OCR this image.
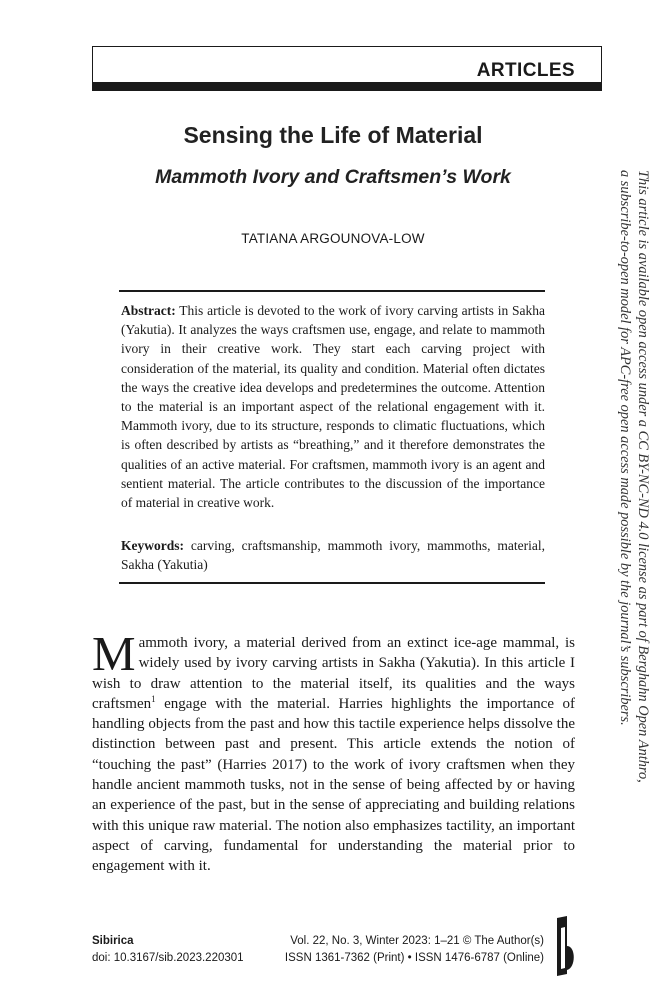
ARTICLES
Sensing the Life of Material
Mammoth Ivory and Craftsmen’s Work
TATIANA ARGOUNOVA-LOW
Abstract: This article is devoted to the work of ivory carving artists in Sakha (Yakutia). It analyzes the ways craftsmen use, engage, and relate to mammoth ivory in their creative work. They start each carving project with consideration of the material, its quality and condition. Material often dictates the ways the creative idea develops and predetermines the outcome. Attention to the material is an important aspect of the relational engagement with it. Mammoth ivory, due to its structure, responds to climatic fluctuations, which is often described by artists as “breathing,” and it therefore demonstrates the qualities of an active material. For craftsmen, mammoth ivory is an agent and sentient material. The article contributes to the discussion of the importance of material in creative work.
Keywords: carving, craftsmanship, mammoth ivory, mammoths, material, Sakha (Yakutia)
Mammoth ivory, a material derived from an extinct ice-age mammal, is widely used by ivory carving artists in Sakha (Yakutia). In this article I wish to draw attention to the material itself, its qualities and the ways craftsmen$^1$ engage with the material. Harries highlights the importance of handling objects from the past and how this tactile experience helps dissolve the distinction between past and present. This article extends the notion of “touching the past” (Harries 2017) to the work of ivory craftsmen when they handle ancient mammoth tusks, not in the sense of being affected by or having an experience of the past, but in the sense of appreciating and building relations with this unique raw material. The notion also emphasizes tactility, an important aspect of carving, fundamental for understanding the material prior to engagement with it.
This article is available open access under a CC BY-NC-ND 4.0 license as part of Berghahn Open Anthro,
a subscribe-to-open model for APC-free open access made possible by the journal’s subscribers.
Sibirica
doi: 10.3167/sib.2023.220301
Vol. 22, No. 3, Winter 2023: 1–21 © The Author(s)
ISSN 1361-7362 (Print) • ISSN 1476-6787 (Online)
